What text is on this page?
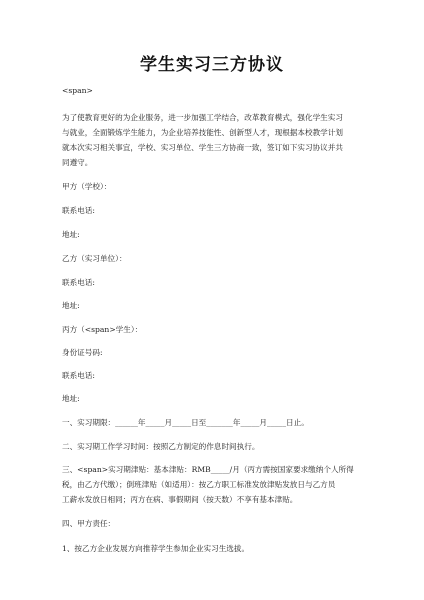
学生实习三方协议
<span>
为了使教育更好的为企业服务，进一步加强工学结合，改革教育模式，强化学生实习
与就业，全面锻炼学生能力，为企业培养技能性、创新型人才，现根据本校教学计划
就本次实习相关事宜，学校、实习单位、学生三方协商一致，签订如下实习协议并共
同遵守。
甲方（学校）：
联系电话:
地址:
乙方（实习单位）：
联系电话:
地址:
丙方（<span>学生）：
身份证号码:
联系电话:
地址:
一、实习期限：______年_____月_____日至_______年_____月_____日止。
二、实习期工作学习时间：按照乙方制定的作息时间执行。
三、<span>实习期津贴：基本津贴：RMB_____/月（丙方需按国家要求缴纳个人所得
税，由乙方代缴）；倒班津贴（如适用）：按乙方职工标准发放津贴发放日与乙方员
工薪水发放日相同；丙方在病、事假期间（按天数）不享有基本津贴。
四、甲方责任：
1、按乙方企业发展方向推荐学生参加企业实习生选拔。
